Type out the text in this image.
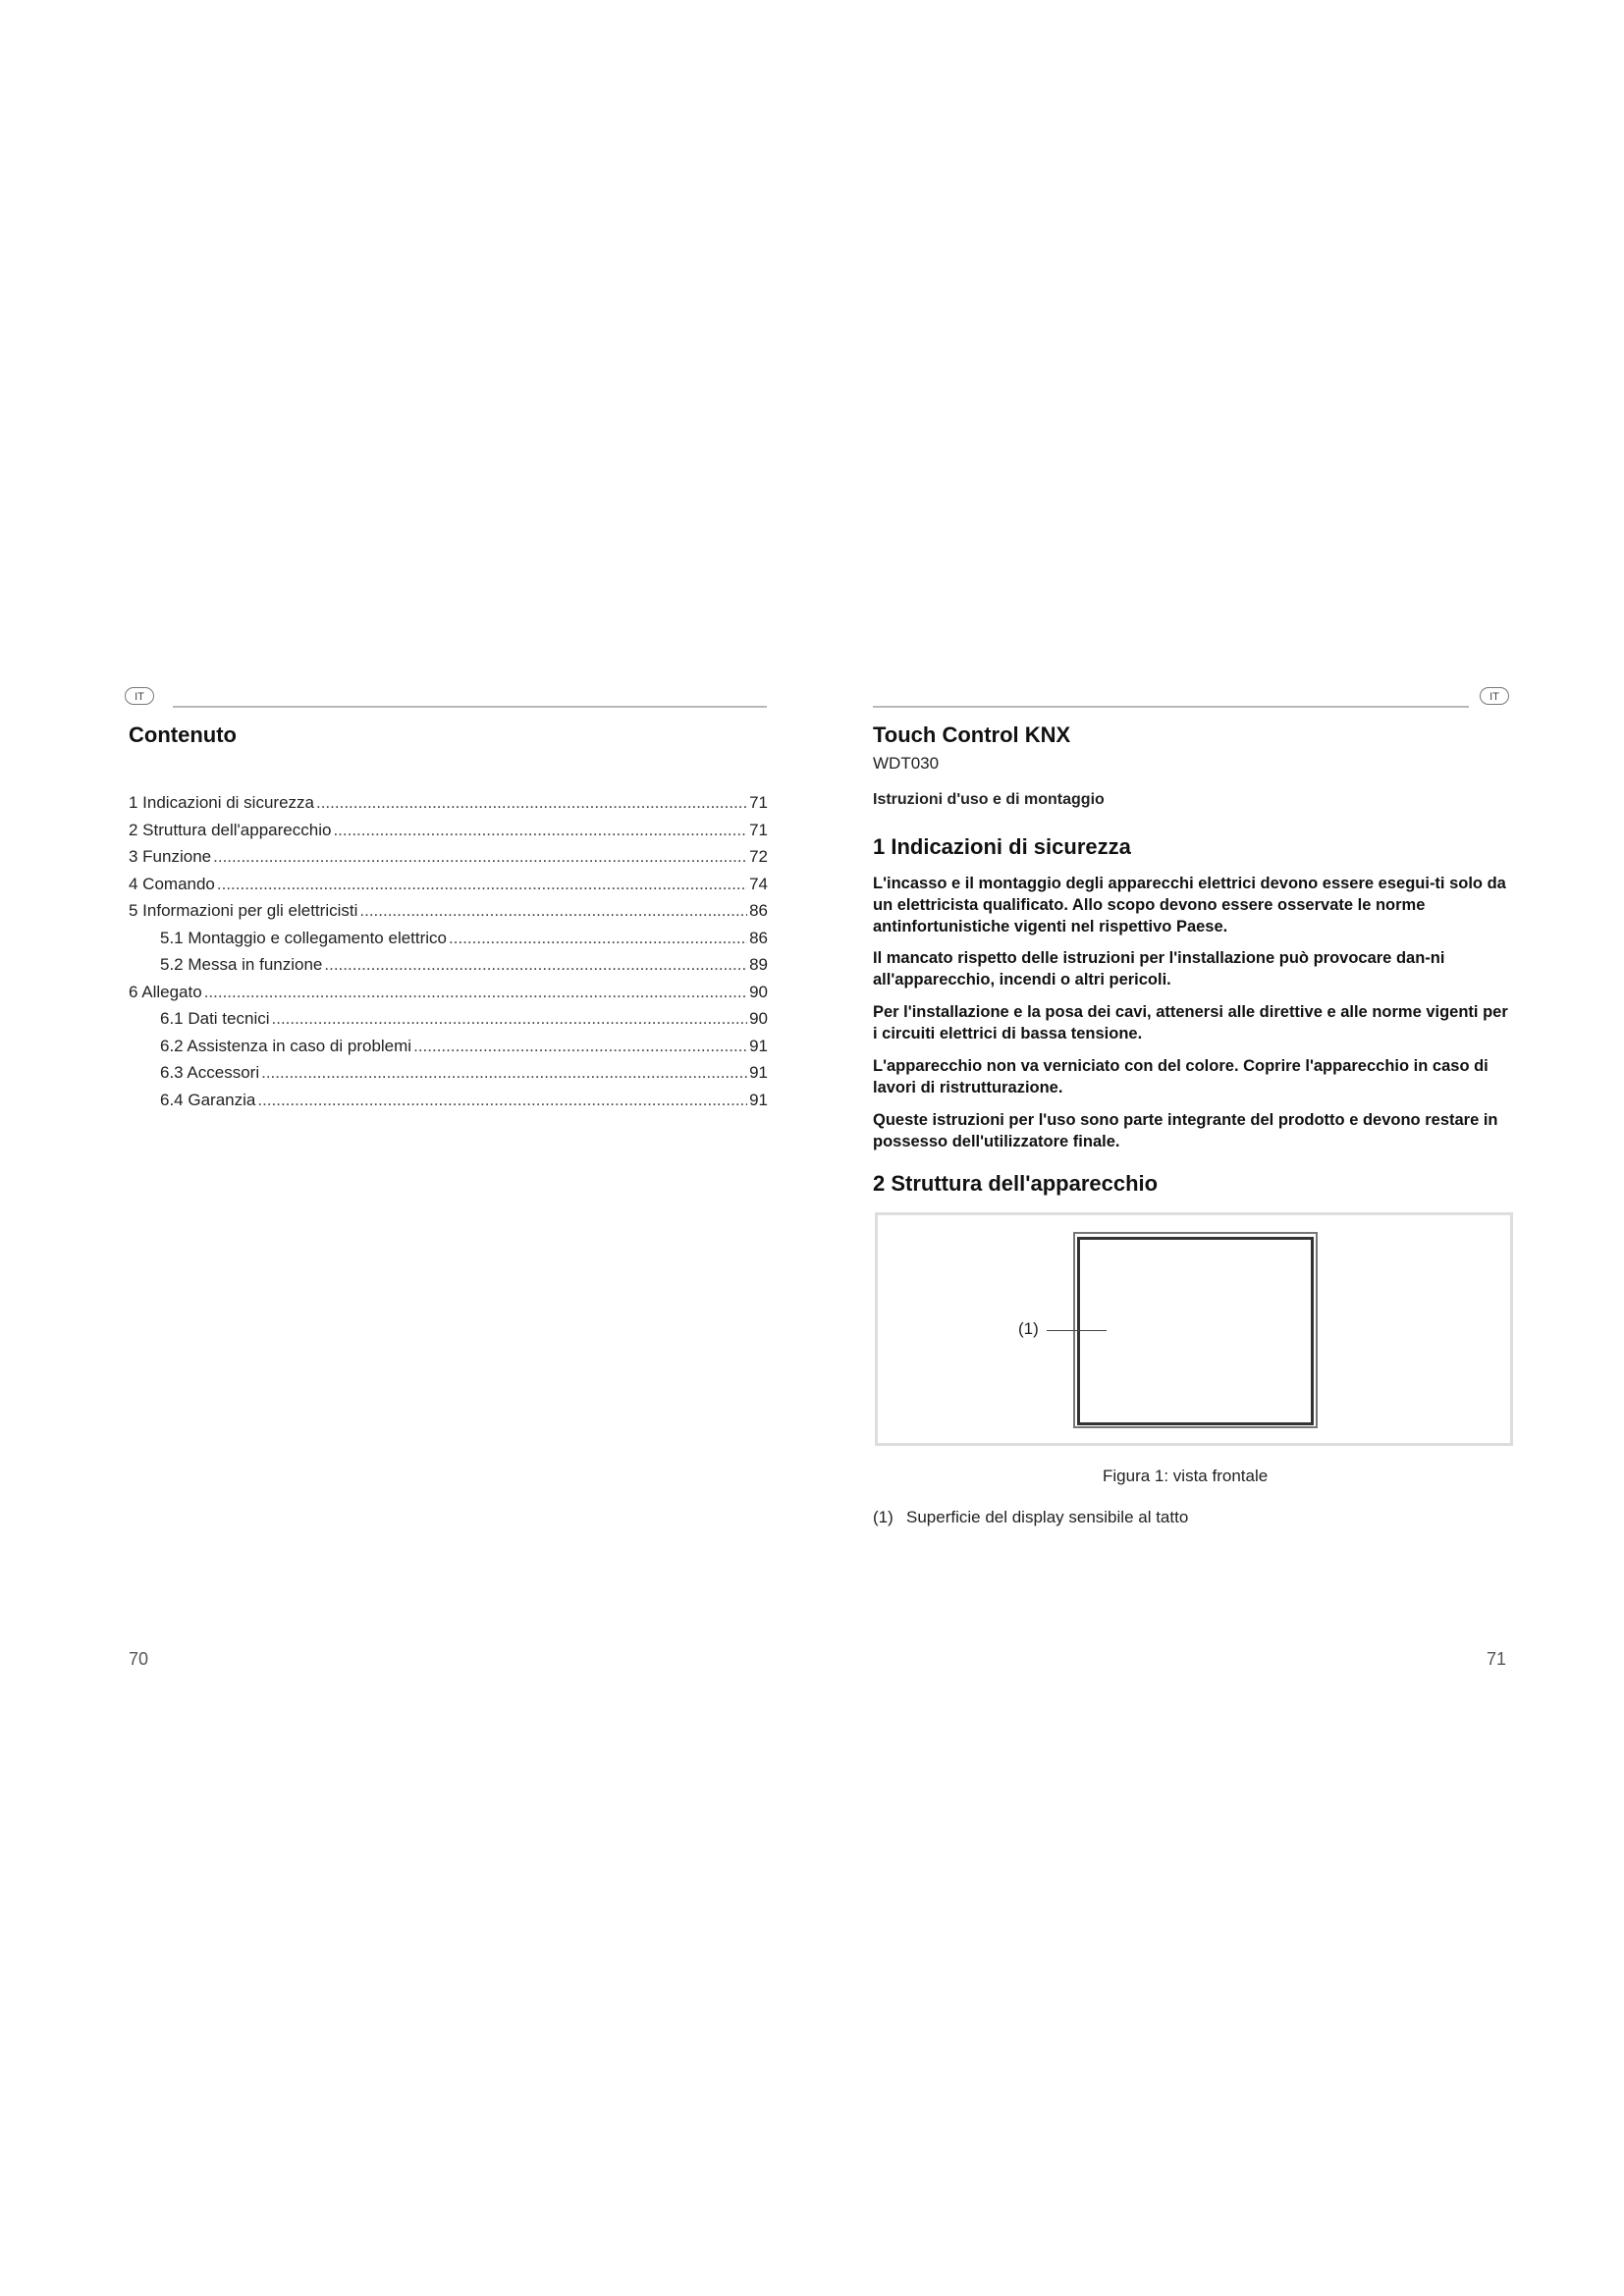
IT
Contenuto
1 Indicazioni di sicurezza .....	71
2 Struttura dell'apparecchio .....	71
3 Funzione .....	72
4 Comando .....	74
5 Informazioni per gli elettricisti .....	86
5.1 Montaggio e collegamento elettrico .....	86
5.2 Messa in funzione .....	89
6 Allegato .....	90
6.1 Dati tecnici .....	90
6.2 Assistenza in caso di problemi .....	91
6.3 Accessori .....	91
6.4 Garanzia .....	91
70
IT
Touch Control KNX
WDT030
Istruzioni d'uso e di montaggio
1 Indicazioni di sicurezza
L'incasso e il montaggio degli apparecchi elettrici devono essere esegui-ti solo da un elettricista qualificato. Allo scopo devono essere osservate le norme antinfortunistiche vigenti nel rispettivo Paese.
Il mancato rispetto delle istruzioni per l'installazione può provocare dan-ni all'apparecchio, incendi o altri pericoli.
Per l'installazione e la posa dei cavi, attenersi alle direttive e alle norme vigenti per i circuiti elettrici di bassa tensione.
L'apparecchio non va verniciato con del colore. Coprire l'apparecchio in caso di lavori di ristrutturazione.
Queste istruzioni per l'uso sono parte integrante del prodotto e devono restare in possesso dell'utilizzatore finale.
2 Struttura dell'apparecchio
(1)
Figura 1: vista frontale
(1) Superficie del display sensibile al tatto
71
